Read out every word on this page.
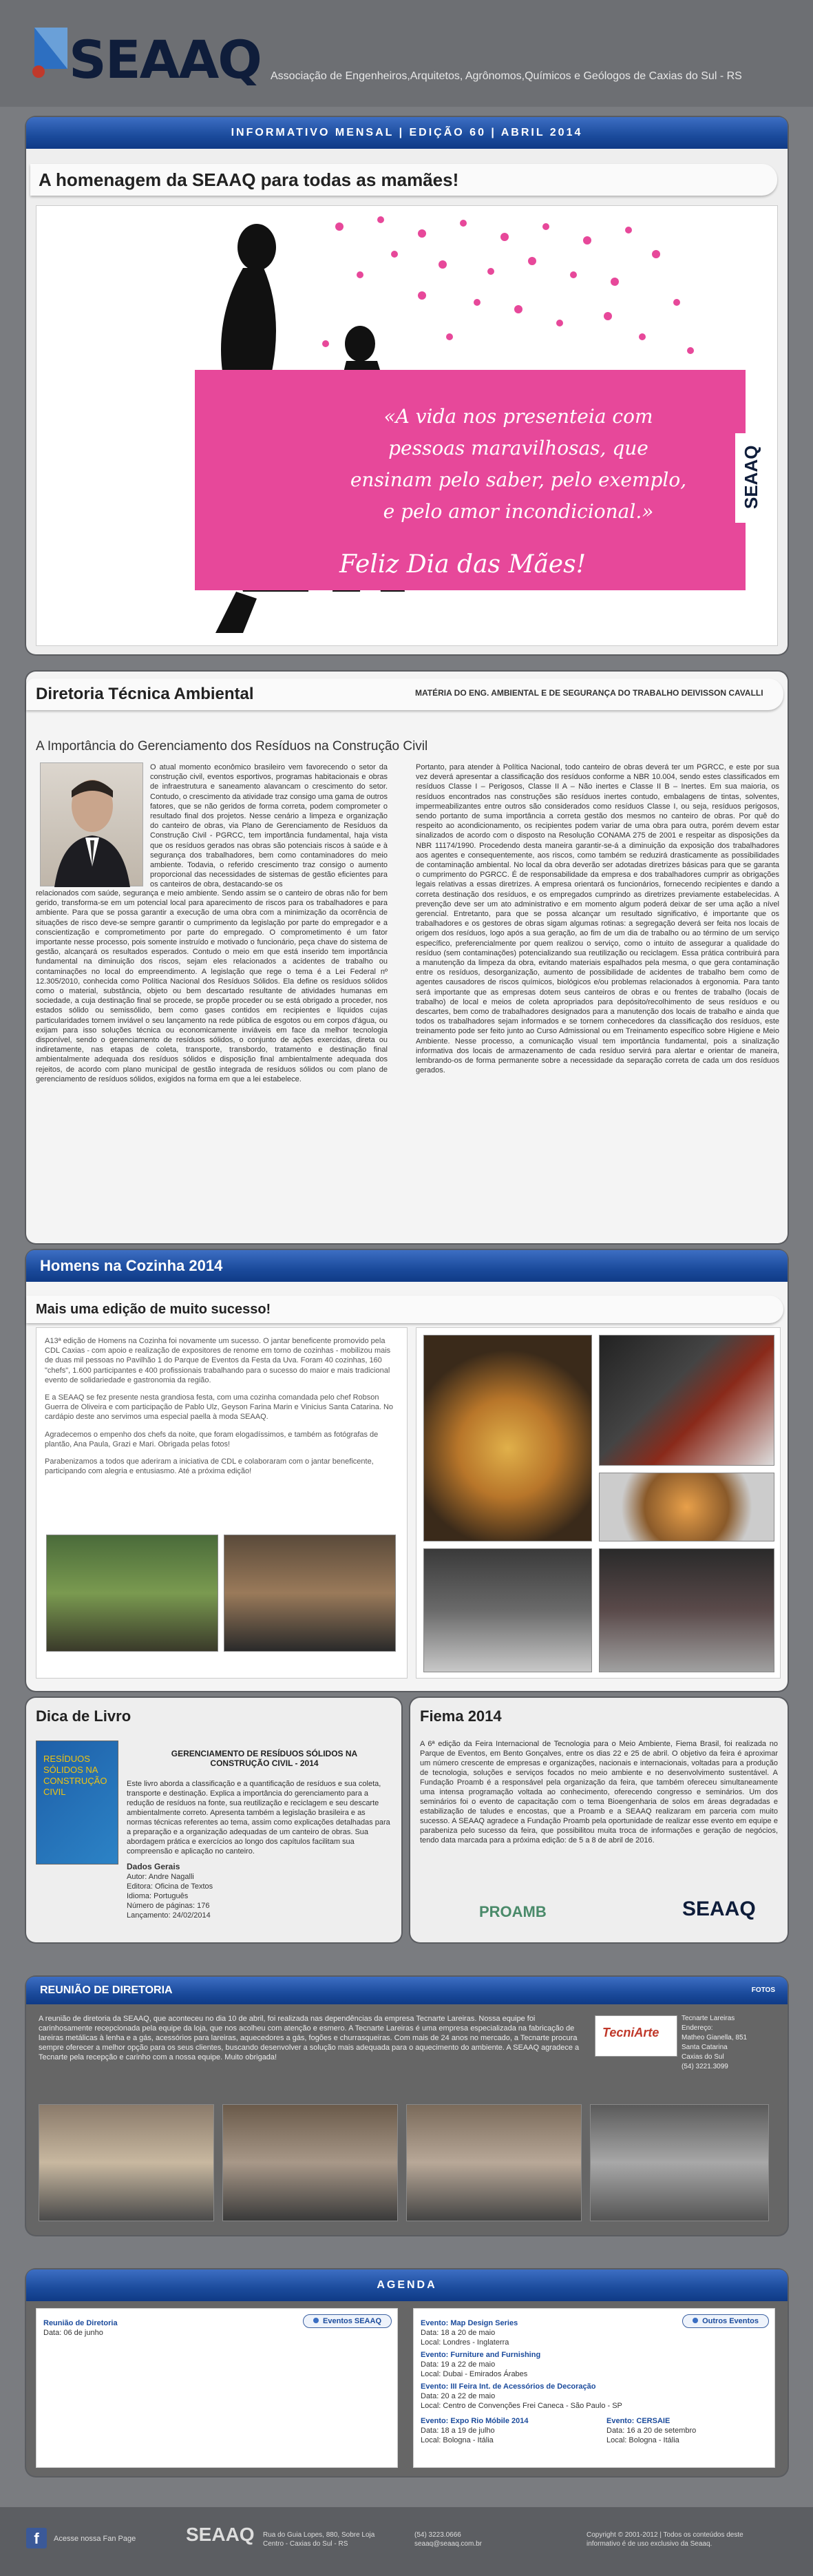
SEAAQ Associação de Engenheiros,Arquitetos, Agrônomos,Químicos e Geólogos de Caxias do Sul - RS
INFORMATIVO MENSAL | EDIÇÃO 60 | ABRIL 2014
A homenagem da SEAAQ para todas as mamães!
«A vida nos presenteia com
pessoas maravilhosas, que
ensinam pelo saber, pelo exemplo,
e pelo amor incondicional.»
Feliz Dia das Mães!
SEAAQ
Diretoria Técnica Ambiental	MATÉRIA DO ENG. AMBIENTAL E DE SEGURANÇA DO TRABALHO DEIVISSON CAVALLI
A Importância do Gerenciamento dos Resíduos na Construção Civil
O atual momento econômico brasileiro vem favorecendo o setor da construção civil, eventos esportivos, programas habitacionais e obras de infraestrutura e saneamento alavancam o crescimento do setor. Contudo, o crescimento da atividade traz consigo uma gama de outros fatores, que se não geridos de forma correta, podem comprometer o resultado final dos projetos. Nesse cenário a limpeza e organização do canteiro de obras, via Plano de Gerenciamento de Resíduos da Construção Civil - PGRCC, tem importância fundamental, haja vista que os resíduos gerados nas obras são potenciais riscos à saúde e à segurança dos trabalhadores, bem como contaminadores do meio ambiente. Todavia, o referido crescimento traz consigo o aumento proporcional das necessidades de sistemas de gestão eficientes para os canteiros de obra, destacando-se os
relacionados com saúde, segurança e meio ambiente. Sendo assim se o canteiro de obras não for bem gerido, transforma-se em um potencial local para aparecimento de riscos para os trabalhadores e para ambiente. Para que se possa garantir a execução de uma obra com a minimização da ocorrência de situações de risco deve-se sempre garantir o cumprimento da legislação por parte do empregador e a conscientização e comprometimento por parte do empregado. O comprometimento é um fator importante nesse processo, pois somente instruído e motivado o funcionário, peça chave do sistema de gestão, alcançará os resultados esperados. Contudo o meio em que está inserido tem importância fundamental na diminuição dos riscos, sejam eles relacionados a acidentes de trabalho ou contaminações no local do empreendimento. A legislação que rege o tema é a Lei Federal nº 12.305/2010, conhecida como Política Nacional dos Resíduos Sólidos. Ela define os resíduos sólidos como o material, substância, objeto ou bem descartado resultante de atividades humanas em sociedade, a cuja destinação final se procede, se propõe proceder ou se está obrigado a proceder, nos estados sólido ou semissólido, bem como gases contidos em recipientes e líquidos cujas particularidades tornem inviável o seu lançamento na rede pública de esgotos ou em corpos d'água, ou exijam para isso soluções técnica ou economicamente inviáveis em face da melhor tecnologia disponível, sendo o gerenciamento de resíduos sólidos, o conjunto de ações exercidas, direta ou indiretamente, nas etapas de coleta, transporte, transbordo, tratamento e destinação final ambientalmente adequada dos resíduos sólidos e disposição final ambientalmente adequada dos rejeitos, de acordo com plano municipal de gestão integrada de resíduos sólidos ou com plano de gerenciamento de resíduos sólidos, exigidos na forma em que a lei estabelece.
Portanto, para atender à Política Nacional, todo canteiro de obras deverá ter um PGRCC, e este por sua vez deverá apresentar a classificação dos resíduos conforme a NBR 10.004, sendo estes classificados em resíduos Classe I – Perigosos, Classe II A – Não inertes e Classe II B – Inertes. Em sua maioria, os resíduos encontrados nas construções são resíduos inertes contudo, embalagens de tintas, solventes, impermeabilizantes entre outros são considerados como resíduos Classe I, ou seja, resíduos perigosos, sendo portanto de suma importância a correta gestão dos mesmos no canteiro de obras. Por quê do respeito ao acondicionamento, os recipientes podem variar de uma obra para outra, porém devem estar sinalizados de acordo com o disposto na Resolução CONAMA 275 de 2001 e respeitar as disposições da NBR 11174/1990. Procedendo desta maneira garantir-se-á a diminuição da exposição dos trabalhadores aos agentes e consequentemente, aos riscos, como também se reduzirá drasticamente as possibilidades de contaminação ambiental. No local da obra deverão ser adotadas diretrizes básicas para que se garanta o cumprimento do PGRCC. É de responsabilidade da empresa e dos trabalhadores cumprir as obrigações legais relativas a essas diretrizes. A empresa orientará os funcionários, fornecendo recipientes e dando a correta destinação dos resíduos, e os empregados cumprindo as diretrizes previamente estabelecidas. A prevenção deve ser um ato administrativo e em momento algum poderá deixar de ser uma ação a nível gerencial. Entretanto, para que se possa alcançar um resultado significativo, é importante que os trabalhadores e os gestores de obras sigam algumas rotinas: a segregação deverá ser feita nos locais de origem dos resíduos, logo após a sua geração, ao fim de um dia de trabalho ou ao término de um serviço específico, preferencialmente por quem realizou o serviço, como o intuito de assegurar a qualidade do resíduo (sem contaminações) potencializando sua reutilização ou reciclagem. Essa prática contribuirá para a manutenção da limpeza da obra, evitando materiais espalhados pela mesma, o que gera contaminação entre os resíduos, desorganização, aumento de possibilidade de acidentes de trabalho bem como de agentes causadores de riscos químicos, biológicos e/ou problemas relacionados à ergonomia. Para tanto será importante que as empresas dotem seus canteiros de obras e ou frentes de trabalho (locais de trabalho) de local e meios de coleta apropriados para depósito/recolhimento de seus resíduos e ou descartes, bem como de trabalhadores designados para a manutenção dos locais de trabalho e ainda que todos os trabalhadores sejam informados e se tornem conhecedores da classificação dos resíduos, este treinamento pode ser feito junto ao Curso Admissional ou em Treinamento específico sobre Higiene e Meio Ambiente. Nesse processo, a comunicação visual tem importância fundamental, pois a sinalização informativa dos locais de armazenamento de cada resíduo servirá para alertar e orientar de maneira, lembrando-os de forma permanente sobre a necessidade da separação correta de cada um dos resíduos gerados.
Homens na Cozinha 2014
Mais uma edição de muito sucesso!

A13ª edição de Homens na Cozinha foi novamente um sucesso. O jantar beneficente promovido pela CDL Caxias - com apoio e realização de expositores de renome em torno de cozinhas - mobilizou mais de duas mil pessoas no Pavilhão 1 do Parque de Eventos da Festa da Uva. Foram 40 cozinhas, 160 "chefs", 1.600 participantes e 400 profissionais trabalhando para o sucesso do maior e mais tradicional evento de solidariedade e gastronomia da região.

E a SEAAQ se fez presente nesta grandiosa festa, com uma cozinha comandada pelo chef Robson Guerra de Oliveira e com participação de Pablo Ulz, Geyson Farina Marin e Vinicius Santa Catarina. No cardápio deste ano servimos uma especial paella à moda SEAAQ.

Agradecemos o empenho dos chefs da noite, que foram elogadíssimos, e também as fotógrafas de plantão, Ana Paula, Grazi e Mari. Obrigada pelas fotos!

Parabenizamos a todos que aderiram a iniciativa de CDL e colaboraram com o jantar beneficente, participando com alegria e entusiasmo. Até a próxima edição!

Dica de Livro
RESÍDUOS SÓLIDOS NA CONSTRUÇÃO CIVIL
GERENCIAMENTO DE RESÍDUOS SÓLIDOS NA CONSTRUÇÃO CIVIL - 2014
Este livro aborda a classificação e a quantificação de resíduos e sua coleta, transporte e destinação. Explica a importância do gerenciamento para a redução de resíduos na fonte, sua reutilização e reciclagem e seu descarte ambientalmente correto. Apresenta também a legislação brasileira e as normas técnicas referentes ao tema, assim como explicações detalhadas para a preparação e a organização adequadas de um canteiro de obras. Sua abordagem prática e exercícios ao longo dos capítulos facilitam sua compreensão e aplicação no canteiro.
Dados Gerais
Autor: Andre Nagalli
Editora: Oficina de Textos
Idioma: Português
Número de páginas: 176
Lançamento: 24/02/2014
Fiema 2014
A 6ª edição da Feira Internacional de Tecnologia para o Meio Ambiente, Fiema Brasil, foi realizada no Parque de Eventos, em Bento Gonçalves, entre os dias 22 e 25 de abril. O objetivo da feira é aproximar um número crescente de empresas e organizações, nacionais e internacionais, voltadas para a produção de tecnologia, soluções e serviços focados no meio ambiente e no desenvolvimento sustentável. A Fundação Proamb é a responsável pela organização da feira, que também ofereceu simultaneamente uma intensa programação voltada ao conhecimento, oferecendo congresso e seminários. Um dos seminários foi o evento de capacitação com o tema Bioengenharia de solos em áreas degradadas e estabilização de taludes e encostas, que a Proamb e a SEAAQ realizaram em parceria com muito sucesso. A SEAAQ agradece a Fundação Proamb pela oportunidade de realizar esse evento em equipe e parabeniza pelo sucesso da feira, que possibilitou muita troca de informações e geração de negócios, tendo data marcada para a próxima edição: de 5 a 8 de abril de 2016.
PROAMB	SEAAQ
REUNIÃO DE DIRETORIA	FOTOS
A reunião de diretoria da SEAAQ, que aconteceu no dia 10 de abril, foi realizada nas dependências da empresa Tecnarte Lareiras. Nossa equipe foi carinhosamente recepcionada pela equipe da loja, que nos acolheu com atenção e esmero. A Tecnarte Lareiras é uma empresa especializada na fabricação de lareiras metálicas à lenha e a gás, acessórios para lareiras, aquecedores a gás, fogões e churrasqueiras. Com mais de 24 anos no mercado, a Tecnarte procura sempre oferecer a melhor opção para os seus clientes, buscando desenvolver a solução mais adequada para o aquecimento do ambiente. A SEAAQ agradece a Tecnarte pela recepção e carinho com a nossa equipe. Muito obrigada!
TecniArte
Tecnarte Lareiras
Endereço:
Matheo Gianella, 851
Santa Catarina
Caxias do Sul
(54) 3221.3099
AGENDA
Eventos SEAAQ
Reunião de Diretoria
Data: 06 de junho
Outros Eventos
Evento: Map Design Series
Data: 18 a 20 de maio
Local: Londres - Inglaterra
Evento: Furniture and Furnishing
Data: 19 a 22 de maio
Local: Dubai - Emirados Árabes
Evento: III Feira Int. de Acessórios de Decoração
Data: 20 a 22 de maio
Local: Centro de Convenções Frei Caneca - São Paulo - SP
Evento: Expo Rio Móbile 2014
Data: 18 a 19 de julho
Local: Bologna - Itália
Evento: CERSAIE
Data: 16 a 20 de setembro
Local: Bologna - Itália
f	Acesse nossa Fan Page	SEAAQ Rua do Guia Lopes, 880, Sobre Loja
Centro - Caxias do Sul - RS
(54) 3223.0666
seaaq@seaaq.com.br
Copyright © 2001-2012 | Todos os conteúdos deste
informativo é de uso exclusivo da Seaaq.
